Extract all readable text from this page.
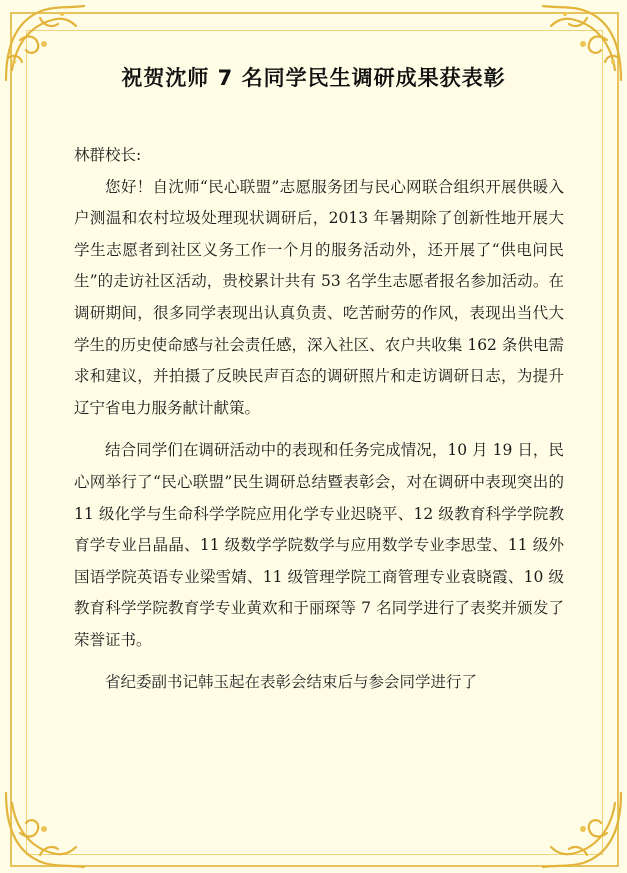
祝贺沈师 7 名同学民生调研成果获表彰

林群校长:

您好！自沈师“民心联盟”志愿服务团与民心网联合组织开展供暖入户测温和农村垃圾处理现状调研后，2013 年暑期除了创新性地开展大学生志愿者到社区义务工作一个月的服务活动外，还开展了“供电问民生”的走访社区活动，贵校累计共有 53 名学生志愿者报名参加活动。在调研期间，很多同学表现出认真负责、吃苦耐劳的作风，表现出当代大学生的历史使命感与社会责任感，深入社区、农户共收集 162 条供电需求和建议，并拍摄了反映民声百态的调研照片和走访调研日志，为提升辽宁省电力服务献计献策。

结合同学们在调研活动中的表现和任务完成情况，10 月 19 日，民心网举行了“民心联盟”民生调研总结暨表彰会，对在调研中表现突出的 11 级化学与生命科学学院应用化学专业迟晓平、12 级教育科学学院教育学专业吕晶晶、11 级数学学院数学与应用数学专业李思莹、11 级外国语学院英语专业梁雪婧、11 级管理学院工商管理专业袁晓霞、10 级教育科学学院教育学专业黄欢和于丽琛等 7 名同学进行了表奖并颁发了荣誉证书。

省纪委副书记韩玉起在表彰会结束后与参会同学进行了
